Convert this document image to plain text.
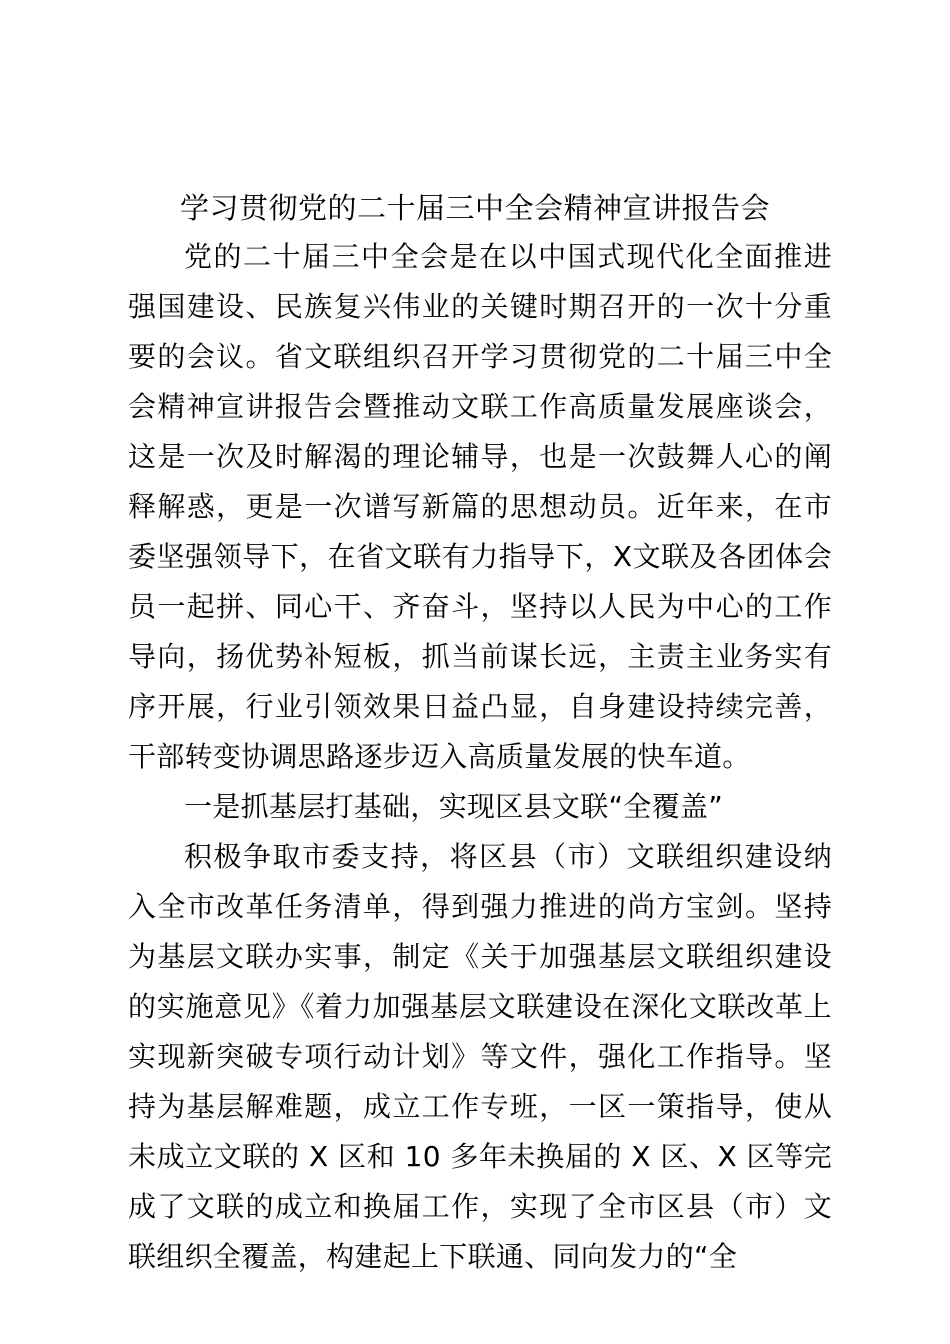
学习贯彻党的二十届三中全会精神宣讲报告会

党的二十届三中全会是在以中国式现代化全面推进强国建设、民族复兴伟业的关键时期召开的一次十分重要的会议。省文联组织召开学习贯彻党的二十届三中全会精神宣讲报告会暨推动文联工作高质量发展座谈会，这是一次及时解渴的理论辅导，也是一次鼓舞人心的阐释解惑，更是一次谱写新篇的思想动员。近年来，在市委坚强领导下，在省文联有力指导下，X文联及各团体会员一起拼、同心干、齐奋斗，坚持以人民为中心的工作导向，扬优势补短板，抓当前谋长远，主责主业务实有序开展，行业引领效果日益凸显，自身建设持续完善，干部转变协调思路逐步迈入高质量发展的快车道。

一是抓基层打基础，实现区县文联“全覆盖”

积极争取市委支持，将区县（市）文联组织建设纳入全市改革任务清单，得到强力推进的尚方宝剑。坚持为基层文联办实事，制定《关于加强基层文联组织建设的实施意见》《着力加强基层文联建设在深化文联改革上实现新突破专项行动计划》等文件，强化工作指导。坚持为基层解难题，成立工作专班，一区一策指导，使从未成立文联的 X 区和 10 多年未换届的 X 区、X 区等完成了文联的成立和换届工作，实现了全市区县（市）文联组织全覆盖，构建起上下联通、同向发力的“全
